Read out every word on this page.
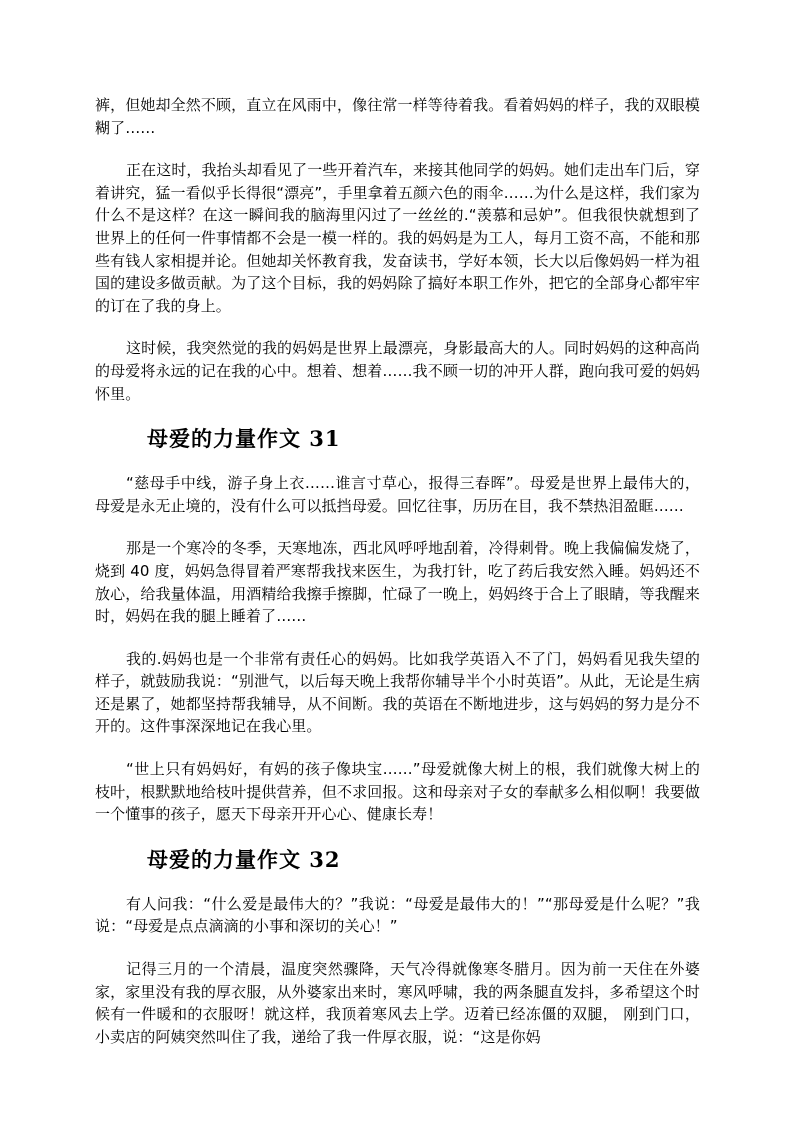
裤，但她却全然不顾，直立在风雨中，像往常一样等待着我。看着妈妈的样子，我的双眼模糊了……

正在这时，我抬头却看见了一些开着汽车，来接其他同学的妈妈。她们走出车门后，穿着讲究，猛一看似乎长得很“漂亮”，手里拿着五颜六色的雨伞……为什么是这样，我们家为什么不是这样？在这一瞬间我的脑海里闪过了一丝丝的.“羡慕和忌妒”。但我很快就想到了世界上的任何一件事情都不会是一模一样的。我的妈妈是为工人，每月工资不高，不能和那些有钱人家相提并论。但她却关怀教育我，发奋读书，学好本领，长大以后像妈妈一样为祖国的建设多做贡献。为了这个目标，我的妈妈除了搞好本职工作外，把它的全部身心都牢牢的订在了我的身上。

这时候，我突然觉的我的妈妈是世界上最漂亮，身影最高大的人。同时妈妈的这种高尚的母爱将永远的记在我的心中。想着、想着……我不顾一切的冲开人群，跑向我可爱的妈妈怀里。

母爱的力量作文 31

“慈母手中线，游子身上衣……谁言寸草心，报得三春晖”。母爱是世界上最伟大的，母爱是永无止境的，没有什么可以抵挡母爱。回忆往事，历历在目，我不禁热泪盈眶……

那是一个寒冷的冬季，天寒地冻，西北风呼呼地刮着，冷得刺骨。晚上我偏偏发烧了，烧到 40 度，妈妈急得冒着严寒帮我找来医生，为我打针，吃了药后我安然入睡。妈妈还不放心，给我量体温，用酒精给我擦手擦脚，忙碌了一晚上，妈妈终于合上了眼睛，等我醒来时，妈妈在我的腿上睡着了……

我的.妈妈也是一个非常有责任心的妈妈。比如我学英语入不了门，妈妈看见我失望的样子，就鼓励我说：“别泄气，以后每天晚上我帮你辅导半个小时英语”。从此，无论是生病还是累了，她都坚持帮我辅导，从不间断。我的英语在不断地进步，这与妈妈的努力是分不开的。这件事深深地记在我心里。

“世上只有妈妈好，有妈的孩子像块宝……”母爱就像大树上的根，我们就像大树上的枝叶，根默默地给枝叶提供营养，但不求回报。这和母亲对子女的奉献多么相似啊！我要做一个懂事的孩子，愿天下母亲开开心心、健康长寿！

母爱的力量作文 32

有人问我：“什么爱是最伟大的？”我说：“母爱是最伟大的！”“那母爱是什么呢？”我说：“母爱是点点滴滴的小事和深切的关心！”

记得三月的一个清晨，温度突然骤降，天气冷得就像寒冬腊月。因为前一天住在外婆家，家里没有我的厚衣服，从外婆家出来时，寒风呼啸，我的两条腿直发抖，多希望这个时候有一件暖和的衣服呀！就这样，我顶着寒风去上学。迈着已经冻僵的双腿， 刚到门口，小卖店的阿姨突然叫住了我，递给了我一件厚衣服，说：“这是你妈
